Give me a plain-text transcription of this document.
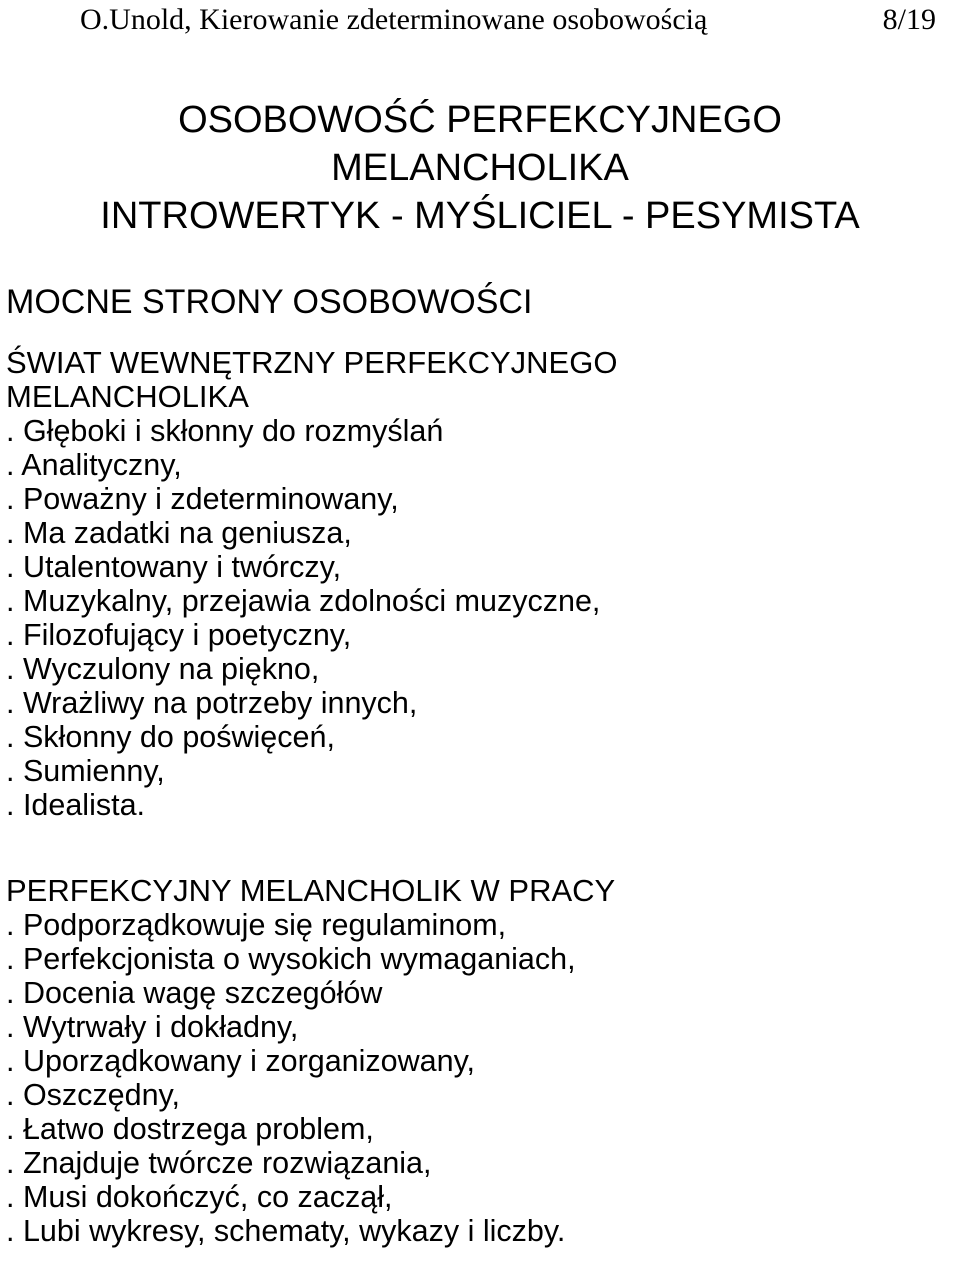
O.Unold, Kierowanie zdeterminowane osobowością	8/19
OSOBOWOŚĆ PERFEKCYJNEGO
MELANCHOLIKA
INTROWERTYK - MYŚLICIEL - PESYMISTA
MOCNE STRONY OSOBOWOŚCI
ŚWIAT WEWNĘTRZNY PERFEKCYJNEGO
MELANCHOLIKA
. Głęboki i skłonny do rozmyślań
. Analityczny,
. Poważny i zdeterminowany,
. Ma zadatki na geniusza,
. Utalentowany i twórczy,
. Muzykalny, przejawia zdolności muzyczne,
. Filozofujący i poetyczny,
. Wyczulony na piękno,
. Wrażliwy na potrzeby innych,
. Skłonny do poświęceń,
. Sumienny,
. Idealista.
PERFEKCYJNY MELANCHOLIK W PRACY
. Podporządkowuje się regulaminom,
. Perfekcjonista o wysokich wymaganiach,
. Docenia wagę szczegółów
. Wytrwały i dokładny,
. Uporządkowany i zorganizowany,
. Oszczędny,
. Łatwo dostrzega problem,
. Znajduje twórcze rozwiązania,
. Musi dokończyć, co zaczął,
. Lubi wykresy, schematy, wykazy i liczby.
